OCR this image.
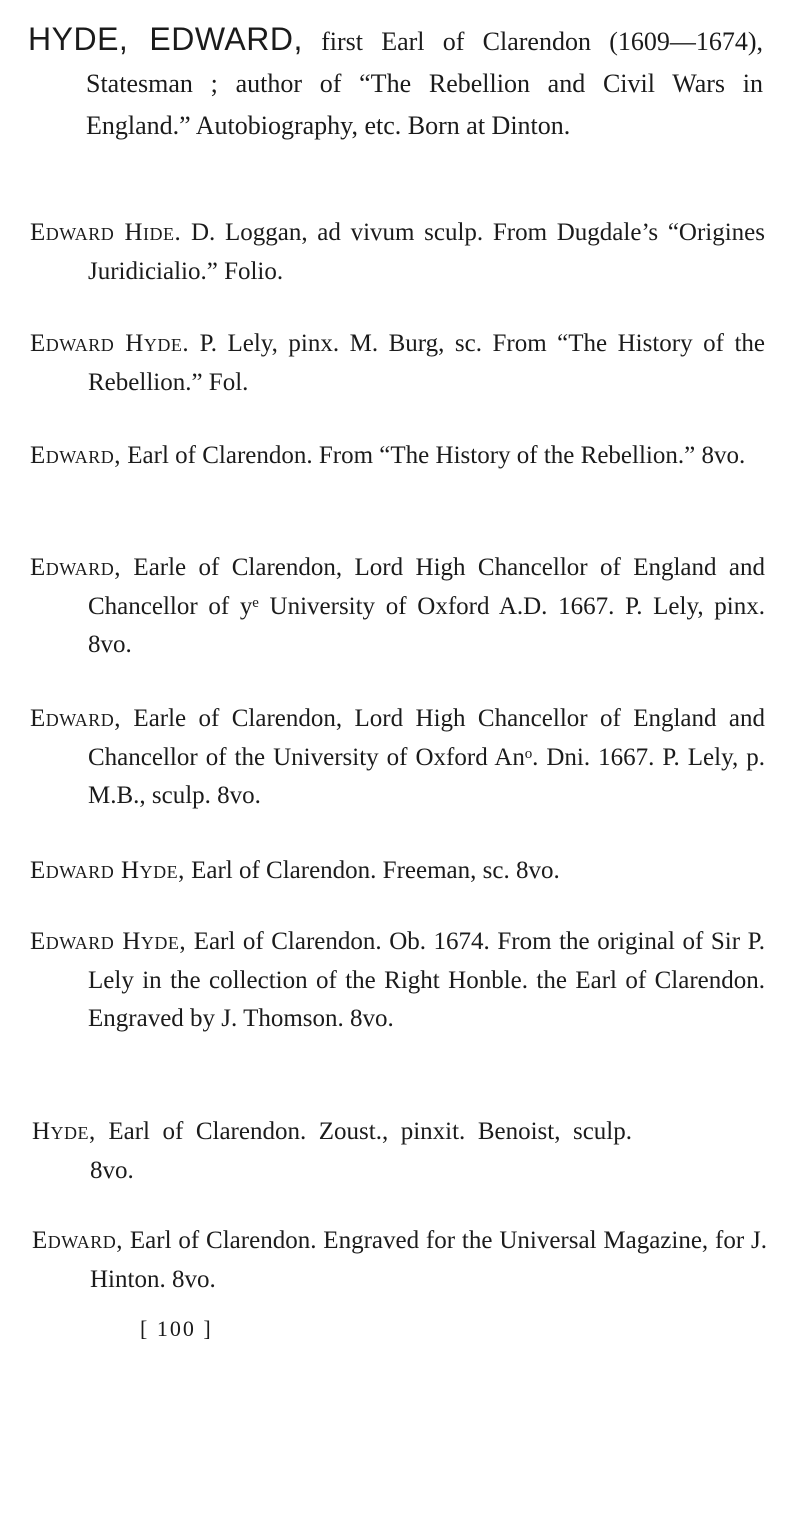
HYDE, EDWARD, first Earl of Clarendon (1609—1674), Statesman ; author of “The Rebellion and Civil Wars in England.” Autobiography, etc. Born at Dinton.

Edward Hide. D. Loggan, ad vivum sculp. From Dugdale’s “Origines Juridicialio.” Folio.

Edward Hyde. P. Lely, pinx. M. Burg, sc. From “The History of the Rebellion.” Fol.

Edward, Earl of Clarendon. From “The History of the Rebellion.” 8vo.

Edward, Earle of Clarendon, Lord High Chancellor of England and Chancellor of yᵉ University of Oxford A.D. 1667. P. Lely, pinx. 8vo.

Edward, Earle of Clarendon, Lord High Chancellor of England and Chancellor of the University of Oxford Anᵒ. Dni. 1667. P. Lely, p. M.B., sculp. 8vo.

Edward Hyde, Earl of Clarendon. Freeman, sc. 8vo.

Edward Hyde, Earl of Clarendon. Ob. 1674. From the original of Sir P. Lely in the collection of the Right Honble. the Earl of Clarendon. Engraved by J. Thomson. 8vo.

Hyde, Earl of Clarendon. Zoust., pinxit. Benoist, sculp. 8vo.

Edward, Earl of Clarendon. Engraved for the Universal Magazine, for J. Hinton. 8vo.

[ 100 ]
